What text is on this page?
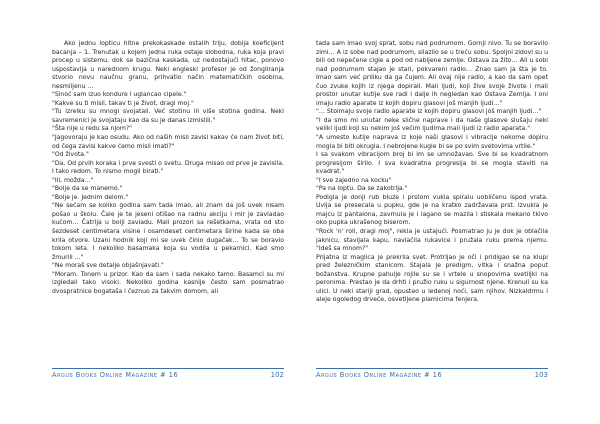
Ako jednu lopticu hitne prekokaskade ostalih triju, dobija koeficijent bacanja – 1. Trenutak u kojem jedna ruka ostaje slobodna, ruka koja pravi procep u sistemu, dok se bazična kaskada, uz nedostajući hitac, ponovo uspostavlja u narednom krugu. Neki engleski profesor je od žongliranja stvorio novu naučnu granu, prihvatio način matematičkih osobina, nesmiljenu ...

"Sinoć sam izuo kondure i uglancao cipele."

"Kakve su ti misli, takav ti je život, dragi moj."

"Tu izrelku su mnogi svojatali. Već stotinu ili više stotina godina. Neki savremenici je svojataju kao da su je danas izmislili."

"Šta nije u redu sa njom?"

"Jagovoraju je kao osudu. Ako od naših misli zavisi kakav će nam život biti, od čega zavisi kakve ćemo misli imati?"

"Od života."

"Da. Od prvih koraka i prve svesti o svetu. Druga misao od prve je zavisila. I tako redom. To nismo mogli birati."

"Ili, možda…"

"Bolje da se manemo."

"Bolje je. Jednim delom."

"Ne sećam se koliko godina sam tada imao, ali znam da još uvek nisam pošao u školu. Čale je te jeseni otišao na radnu akciju i mir je zavladao kućom… Čatrlja u bolji zavladu. Mali prozori sa rešetkama, vrata od sto šezdeset centimetara visine i osamdeset centimetara širine kada se oba krila otvore. Uzani hodnik koji mi se uvek činio dugačak... To se boravio tokom leta. I nekoliko basamaka koja su vodila u pekarnici. Kad smo žmurili ..."

"Ne moraš sve detalje objašnjavati."

"Moram. Tonem u prizor. Kao da sam i sada nekako tamo. Basamci su mi izgledali tako visoki. Nekoliko godina kasnije često sam posmatrao dvospratnice bogataša i čeznuo za takvim domom, ali

Argus Books Online Magazine # 16	102

tada sam imao svoj sprat, sobu nad podrumom. Gornji nivo. Tu se boravilo zimi… A iz sobe nad podrumom, silazilo se u treću sobu. Spoljni zidovi su u bili od nepečene cigle a pod od nabijene zemlje. Ostava za žito… Ali u sobi nad podrumom stajao je stari, pokvareni radio… Znao sam ja šta je to. Imao sam već priliku da ga čujem. Ali ovaj nije radio, a kao da sam opet čuo zvuke kojih iz njega dopirali. Mali ljudi, koji žive svoje živote i mali prostor unutar kutije sve radi i dalje ih negledan kao Ostava Zemlja. I oni imaju radio aparate iz kojih dopiru glasovi još manjih ljudi…"

"… Stoimaju svoje radio aparate iz kojih dopiru glasovi još manjih ljudi…"

"I da smo mi unutar neke slične naprave i da naše glasove slušaju neki veliki ljudi koji su nekim još većim ljudima mali ljudi iz radio aparata."

"A umesto kutije naprava iz koje naši glasovi i vibracije nekome dopiru mogla bi biti okrugla. I nebrojene kugle bi se po svim svetovima vrtile."

I sa svakom vibracijom broj bi im se umnožavao. Sve bi se kvadratnom progresijom širilo. I sva kvadratna progresija bi se mogla staviti na kvadrat."

"I sve zajedno na kocku"

"Pa na loptu. Da se zakotrlja."

Podigla je donji rub bluze i prstom vukla spiralu uobličenu ispod vrata. Uvija se presecala u pupku, gde je na kratko zadržavala prst. Izvukla je majcu iz pantalona, zavrnula je i lagano se mazila i stiskala mekano tkivo oko pupka ukrašenog biserom.

"Rock 'n' roll, dragi moj", rekla je ustajući. Posmatrao ju je dok je oblačila jaknicu, stavljala kapu, navlačila rukavice i pružala ruku prema njemu. "Ideš sa mnom?"

Prijatna iz maglica je prekrila svet. Protrljao je oči i pridigao se na klupi pred železničkim stanicom. Stajala je predigm, vitka i snažna poput božanstva. Krupne pahulje rojile su se i vrtele u snopovima svetiljki na peronima. Prestao je da drhti i pružio ruku u sigurnost njene. Krenuli su ka ulici. U neki stariji grad, opusteo u ledenoj noći, sam njihov. Nizkaldrmu i aleje ogoledog drveće, osvetljene plamicima fenjera.

Argus Books Online Magazine # 16	103
